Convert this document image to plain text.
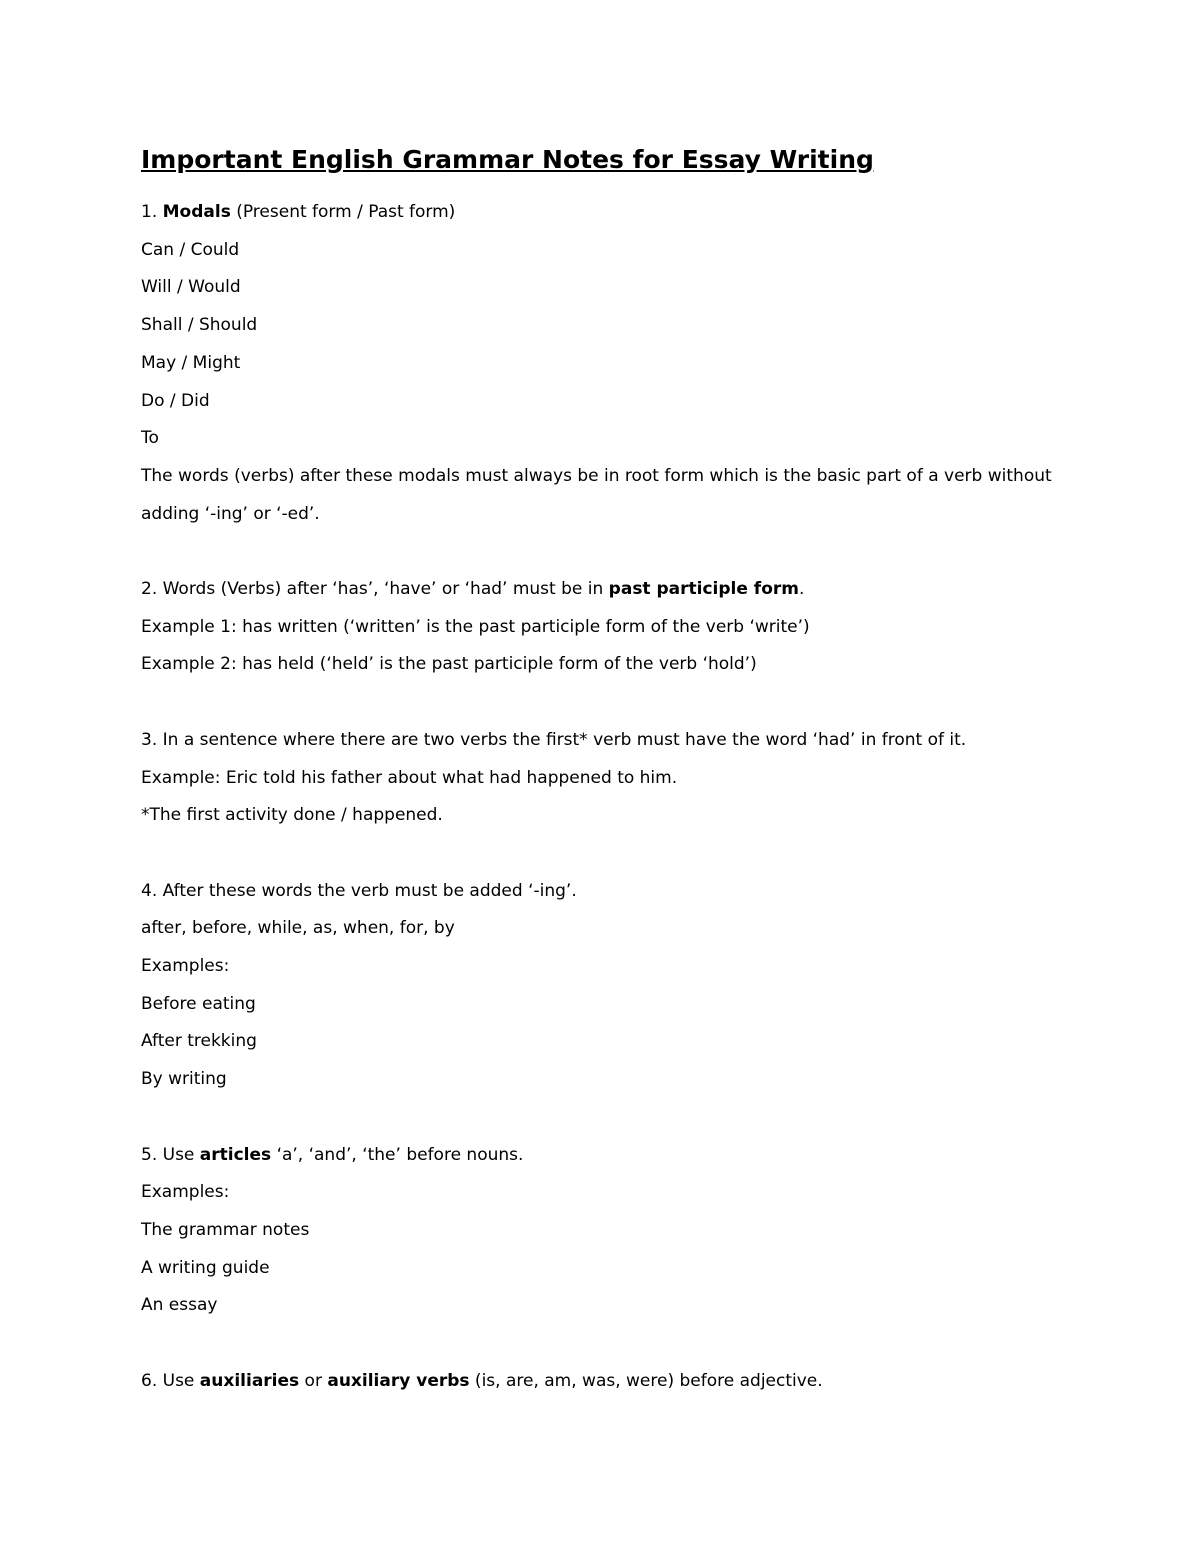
Important English Grammar Notes for Essay Writing
1. Modals (Present form / Past form)
Can / Could
Will / Would
Shall / Should
May / Might
Do / Did
To
The words (verbs) after these modals must always be in root form which is the basic part of a verb without
adding ‘-ing’ or ‘-ed’.
2. Words (Verbs) after ‘has’, ‘have’ or ‘had’ must be in past participle form.
Example 1: has written (‘written’ is the past participle form of the verb ‘write’)
Example 2: has held (‘held’ is the past participle form of the verb ‘hold’)
3. In a sentence where there are two verbs the first* verb must have the word ‘had’ in front of it.
Example: Eric told his father about what had happened to him.
*The first activity done / happened.
4. After these words the verb must be added ‘-ing’.
after, before, while, as, when, for, by
Examples:
Before eating
After trekking
By writing
5. Use articles ‘a’, ‘and’, ‘the’ before nouns.
Examples:
The grammar notes
A writing guide
An essay
6. Use auxiliaries or auxiliary verbs (is, are, am, was, were) before adjective.
